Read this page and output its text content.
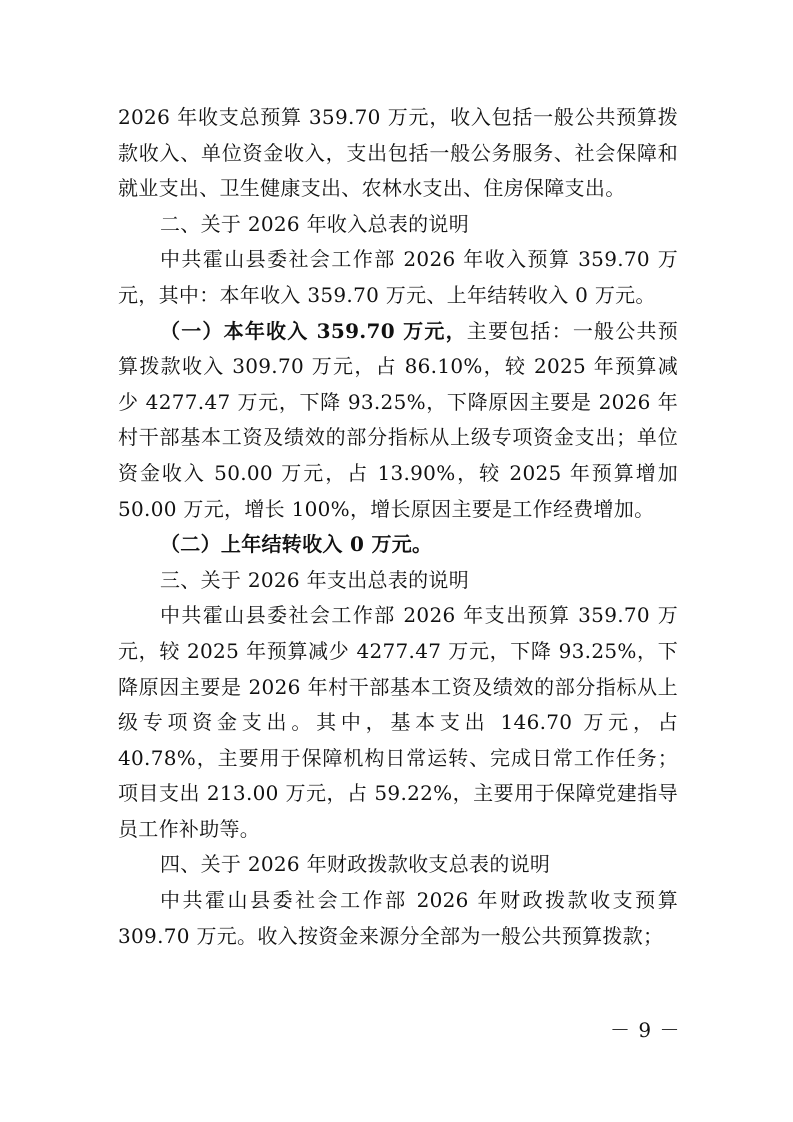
2026 年收支总预算 359.70 万元，收入包括一般公共预算拨款收入、单位资金收入，支出包括一般公务服务、社会保障和就业支出、卫生健康支出、农林水支出、住房保障支出。

二、关于 2026 年收入总表的说明

中共霍山县委社会工作部 2026 年收入预算 359.70 万元，其中：本年收入 359.70 万元、上年结转收入 0 万元。

（一）本年收入 359.70 万元，主要包括：一般公共预算拨款收入 309.70 万元，占 86.10%，较 2025 年预算减少 4277.47 万元，下降 93.25%，下降原因主要是 2026 年村干部基本工资及绩效的部分指标从上级专项资金支出；单位资金收入 50.00 万元，占 13.90%，较 2025 年预算增加 50.00 万元，增长 100%，增长原因主要是工作经费增加。

（二）上年结转收入 0 万元。

三、关于 2026 年支出总表的说明

中共霍山县委社会工作部 2026 年支出预算 359.70 万元，较 2025 年预算减少 4277.47 万元，下降 93.25%，下降原因主要是 2026 年村干部基本工资及绩效的部分指标从上级专项资金支出。其中，基本支出 146.70 万元，占 40.78%，主要用于保障机构日常运转、完成日常工作任务；项目支出 213.00 万元，占 59.22%，主要用于保障党建指导员工作补助等。

四、关于 2026 年财政拨款收支总表的说明

中共霍山县委社会工作部 2026 年财政拨款收支预算 309.70 万元。收入按资金来源分全部为一般公共预算拨款；

－ 9 －
